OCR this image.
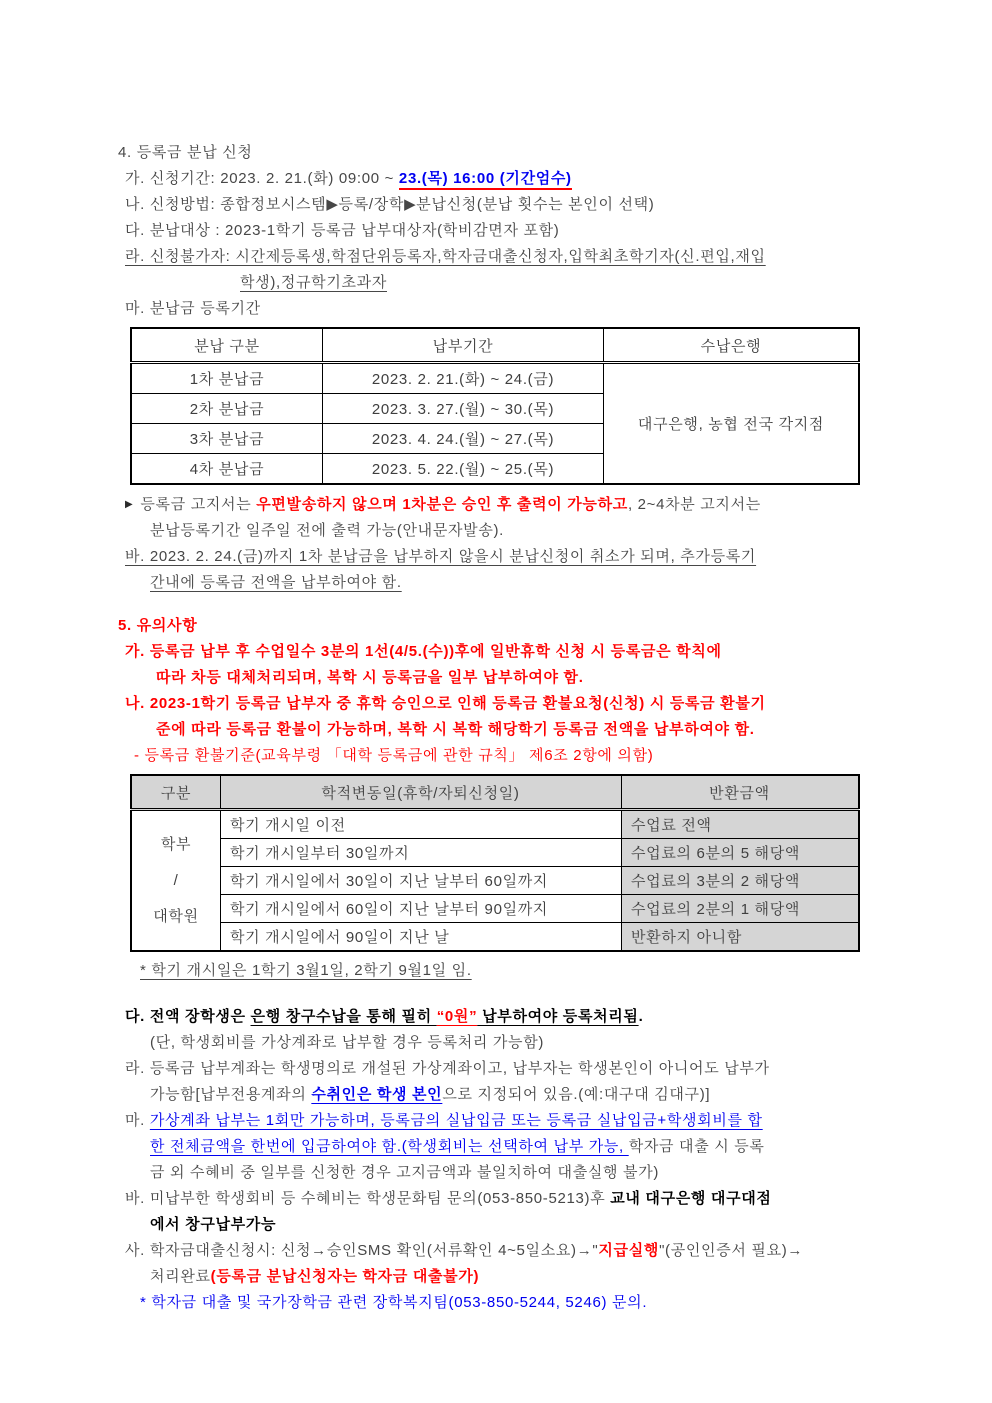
4. 등록금 분납 신청
가. 신청기간: 2023. 2. 21.(화) 09:00 ~ 23.(목) 16:00 (기간엄수)
나. 신청방법: 종합정보시스템▶등록/장학▶분납신청(분납 횟수는 본인이 선택)
다. 분납대상 : 2023-1학기 등록금 납부대상자(학비감면자 포함)
라. 신청불가자: 시간제등록생,학점단위등록자,학자금대출신청자,입학최초학기자(신.편입,재입
학생),정규학기초과자
마. 분납금 등록기간
분납 구분	납부기간	수납은행
1차 분납금	2023. 2. 21.(화) ~ 24.(금)	대구은행, 농협 전국 각지점
2차 분납금	2023. 3. 27.(월) ~ 30.(목)	
3차 분납금	2023. 4. 24.(월) ~ 27.(목)	
4차 분납금	2023. 5. 22.(월) ~ 25.(목)	
▶ 등록금 고지서는 우편발송하지 않으며 1차분은 승인 후 출력이 가능하고, 2~4차분 고지서는
분납등록기간 일주일 전에 출력 가능(안내문자발송).
바. 2023. 2. 24.(금)까지 1차 분납금을 납부하지 않을시 분납신청이 취소가 되며, 추가등록기
간내에 등록금 전액을 납부하여야 함.
5. 유의사항
가. 등록금 납부 후 수업일수 3분의 1선(4/5.(수))후에 일반휴학 신청 시 등록금은 학칙에
따라 차등 대체처리되며, 복학 시 등록금을 일부 납부하여야 함.
나. 2023-1학기 등록금 납부자 중 휴학 승인으로 인해 등록금 환불요청(신청) 시 등록금 환불기
준에 따라 등록금 환불이 가능하며, 복학 시 복학 해당학기 등록금 전액을 납부하여야 함.
- 등록금 환불기준(교육부령 「대학 등록금에 관한 규칙」 제6조 2항에 의함)
구분	학적변동일(휴학/자퇴신청일)	반환금액

학부
/
대학원	학기 개시일 이전	수업료 전액
	학기 개시일부터 30일까지	수업료의 6분의 5 해당액
	학기 개시일에서 30일이 지난 날부터 60일까지	수업료의 3분의 2 해당액
	학기 개시일에서 60일이 지난 날부터 90일까지	수업료의 2분의 1 해당액
	학기 개시일에서 90일이 지난 날	반환하지 아니함
* 학기 개시일은 1학기 3월1일, 2학기 9월1일 임.
다. 전액 장학생은 은행 창구수납을 통해 필히 “0원” 납부하여야 등록처리됨.
(단, 학생회비를 가상계좌로 납부할 경우 등록처리 가능함)
라. 등록금 납부계좌는 학생명의로 개설된 가상계좌이고, 납부자는 학생본인이 아니어도 납부가
가능함[납부전용계좌의 수취인은 학생 본인으로 지정되어 있음.(예:대구대 김대구)]
마. 가상계좌 납부는 1회만 가능하며, 등록금의 실납입금 또는 등록금 실납입금+학생회비를 합
한 전체금액을 한번에 입금하여야 함.(학생회비는 선택하여 납부 가능, 학자금 대출 시 등록
금 외 수혜비 중 일부를 신청한 경우 고지금액과 불일치하여 대출실행 불가)
바. 미납부한 학생회비 등 수혜비는 학생문화팀 문의(053-850-5213)후 교내 대구은행 대구대점
에서 창구납부가능
사. 학자금대출신청시: 신청→승인SMS 확인(서류확인 4~5일소요)→"지급실행"(공인인증서 필요)→
처리완료(등록금 분납신청자는 학자금 대출불가)
* 학자금 대출 및 국가장학금 관련 장학복지팀(053-850-5244, 5246) 문의.
